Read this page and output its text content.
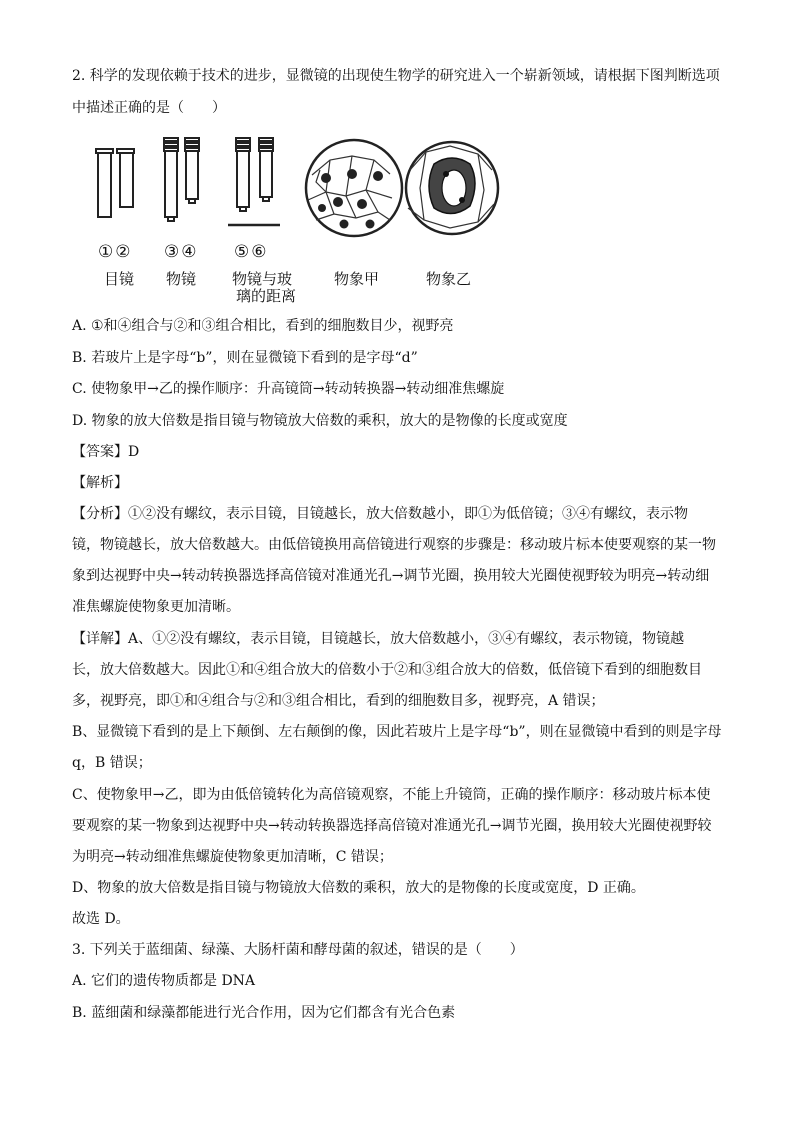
2. 科学的发现依赖于技术的进步，显微镜的出现使生物学的研究进入一个崭新领域，请根据下图判断选项
中描述正确的是（　　）
①② ③④ ⑤⑥
目镜 物镜 物镜与玻
璃的距离
物象甲	物象乙
A. ①和④组合与②和③组合相比，看到的细胞数目少，视野亮
B. 若玻片上是字母“b”，则在显微镜下看到的是字母“d”
C. 使物象甲→乙的操作顺序：升高镜筒→转动转换器→转动细准焦螺旋
D. 物象的放大倍数是指目镜与物镜放大倍数的乘积，放大的是物像的长度或宽度
【答案】D
【解析】
【分析】①②没有螺纹，表示目镜，目镜越长，放大倍数越小，即①为低倍镜；③④有螺纹，表示物
镜，物镜越长，放大倍数越大。由低倍镜换用高倍镜进行观察的步骤是：移动玻片标本使要观察的某一物
象到达视野中央→转动转换器选择高倍镜对准通光孔→调节光圈，换用较大光圈使视野较为明亮→转动细
准焦螺旋使物象更加清晰。
【详解】A、①②没有螺纹，表示目镜，目镜越长，放大倍数越小，③④有螺纹，表示物镜，物镜越
长，放大倍数越大。因此①和④组合放大的倍数小于②和③组合放大的倍数，低倍镜下看到的细胞数目
多，视野亮，即①和④组合与②和③组合相比，看到的细胞数目多，视野亮，A 错误；
B、显微镜下看到的是上下颠倒、左右颠倒的像，因此若玻片上是字母“b”，则在显微镜中看到的则是字母
q，B 错误；
C、使物象甲→乙，即为由低倍镜转化为高倍镜观察，不能上升镜筒，正确的操作顺序：移动玻片标本使
要观察的某一物象到达视野中央→转动转换器选择高倍镜对准通光孔→调节光圈，换用较大光圈使视野较
为明亮→转动细准焦螺旋使物象更加清晰，C 错误；
D、物象的放大倍数是指目镜与物镜放大倍数的乘积，放大的是物像的长度或宽度，D 正确。
故选 D。
3. 下列关于蓝细菌、绿藻、大肠杆菌和酵母菌的叙述，错误的是（　　）
A. 它们的遗传物质都是 DNA
B. 蓝细菌和绿藻都能进行光合作用，因为它们都含有光合色素
